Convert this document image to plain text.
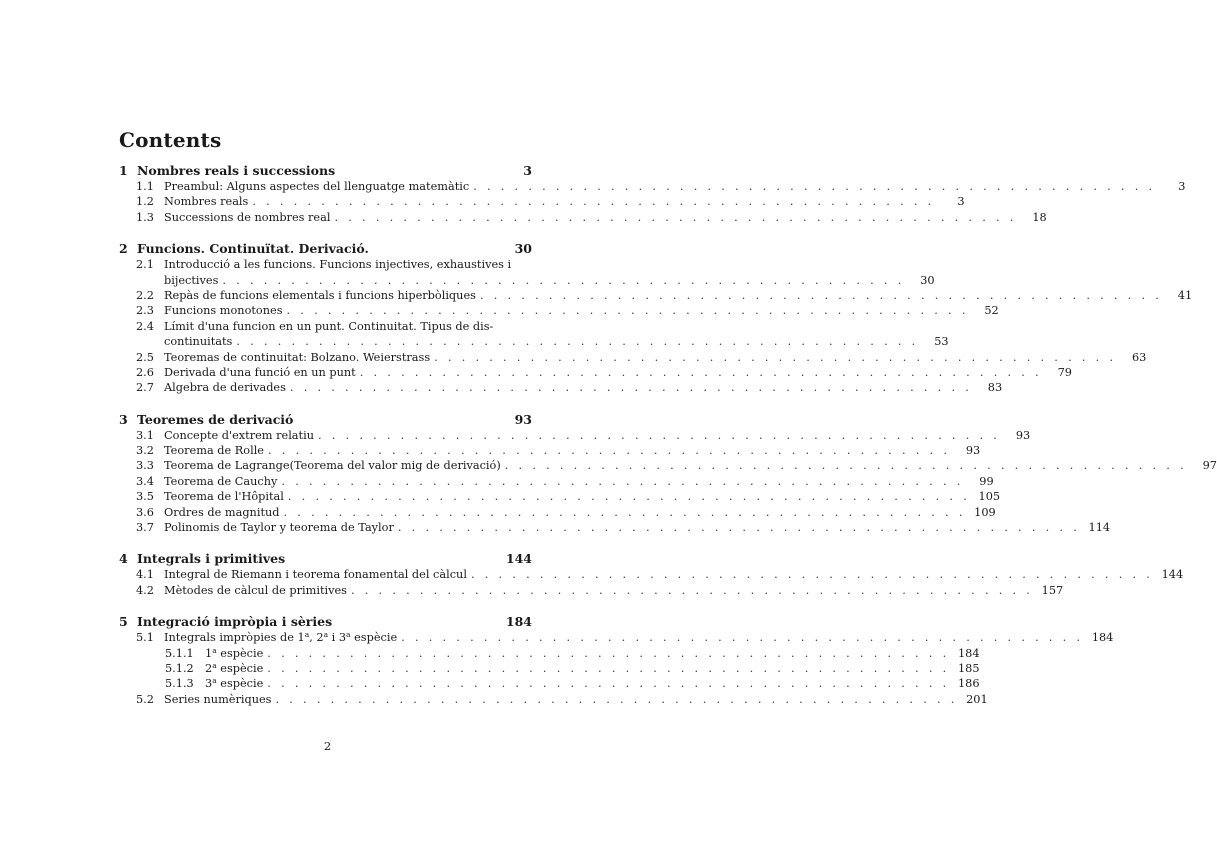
Contents
1 Nombres reals i successions	3
1.1 Preambul: Alguns aspectes del llenguatge matemàtic . . . . . . . . . . . . . . . . . . . . . . . . . . . . . . . . . . . . . . . . . . . . . . . . . .	3
1.2 Nombres reals . . . . . . . . . . . . . . . . . . . . . . . . . . . . . . . . . . . . . . . . . . . . . . . . . .	3
1.3 Successions de nombres real . . . . . . . . . . . . . . . . . . . . . . . . . . . . . . . . . . . . . . . . . . . . . . . . . .	18
2 Funcions. Continuïtat. Derivació.	30
2.1 Introducció a les funcions. Funcions injectives, exhaustives i
bijectives . . . . . . . . . . . . . . . . . . . . . . . . . . . . . . . . . . . . . . . . . . . . . . . . . .	30
2.2 Repàs de funcions elementals i funcions hiperbòliques . . . . . . . . . . . . . . . . . . . . . . . . . . . . . . . . . . . . . . . . . . . . . . . . . .	41
2.3 Funcions monotones . . . . . . . . . . . . . . . . . . . . . . . . . . . . . . . . . . . . . . . . . . . . . . . . . .	52
2.4 Límit d'una funcion en un punt. Continuitat. Tipus de dis-
continuitats . . . . . . . . . . . . . . . . . . . . . . . . . . . . . . . . . . . . . . . . . . . . . . . . . .	53
2.5 Teoremas de continuitat: Bolzano. Weierstrass . . . . . . . . . . . . . . . . . . . . . . . . . . . . . . . . . . . . . . . . . . . . . . . . . .	63
2.6 Derivada d'una funció en un punt . . . . . . . . . . . . . . . . . . . . . . . . . . . . . . . . . . . . . . . . . . . . . . . . . .	79
2.7 Algebra de derivades . . . . . . . . . . . . . . . . . . . . . . . . . . . . . . . . . . . . . . . . . . . . . . . . . .	83
3 Teoremes de derivació	93
3.1 Concepte d'extrem relatiu . . . . . . . . . . . . . . . . . . . . . . . . . . . . . . . . . . . . . . . . . . . . . . . . . .	93
3.2 Teorema de Rolle . . . . . . . . . . . . . . . . . . . . . . . . . . . . . . . . . . . . . . . . . . . . . . . . . .	93
3.3 Teorema de Lagrange(Teorema del valor mig de derivació) . . . . . . . . . . . . . . . . . . . . . . . . . . . . . . . . . . . . . . . . . . . . . . . . . .	97
3.4 Teorema de Cauchy . . . . . . . . . . . . . . . . . . . . . . . . . . . . . . . . . . . . . . . . . . . . . . . . . .	99
3.5 Teorema de l'Hôpital . . . . . . . . . . . . . . . . . . . . . . . . . . . . . . . . . . . . . . . . . . . . . . . . . . 105
3.6 Ordres de magnitud . . . . . . . . . . . . . . . . . . . . . . . . . . . . . . . . . . . . . . . . . . . . . . . . . . 109
3.7 Polinomis de Taylor y teorema de Taylor . . . . . . . . . . . . . . . . . . . . . . . . . . . . . . . . . . . . . . . . . . . . . . . . . . 114
4 Integrals i primitives	144
4.1 Integral de Riemann i teorema fonamental del càlcul . . . . . . . . . . . . . . . . . . . . . . . . . . . . . . . . . . . . . . . . . . . . . . . . . . 144
4.2 Mètodes de càlcul de primitives . . . . . . . . . . . . . . . . . . . . . . . . . . . . . . . . . . . . . . . . . . . . . . . . . . 157
5 Integració impròpia i sèries	184
5.1 Integrals impròpies de 1$^a$, 2$^a$ i 3$^a$ espècie . . . . . . . . . . . . . . . . . . . . . . . . . . . . . . . . . . . . . . . . . . . . . . . . . . 184
5.1.1 1$^a$ espècie . . . . . . . . . . . . . . . . . . . . . . . . . . . . . . . . . . . . . . . . . . . . . . . . . . 184
5.1.2 2$^a$ espècie . . . . . . . . . . . . . . . . . . . . . . . . . . . . . . . . . . . . . . . . . . . . . . . . . . 185
5.1.3 3$^a$ espècie . . . . . . . . . . . . . . . . . . . . . . . . . . . . . . . . . . . . . . . . . . . . . . . . . . 186
5.2 Series numèriques . . . . . . . . . . . . . . . . . . . . . . . . . . . . . . . . . . . . . . . . . . . . . . . . . . 201
2
